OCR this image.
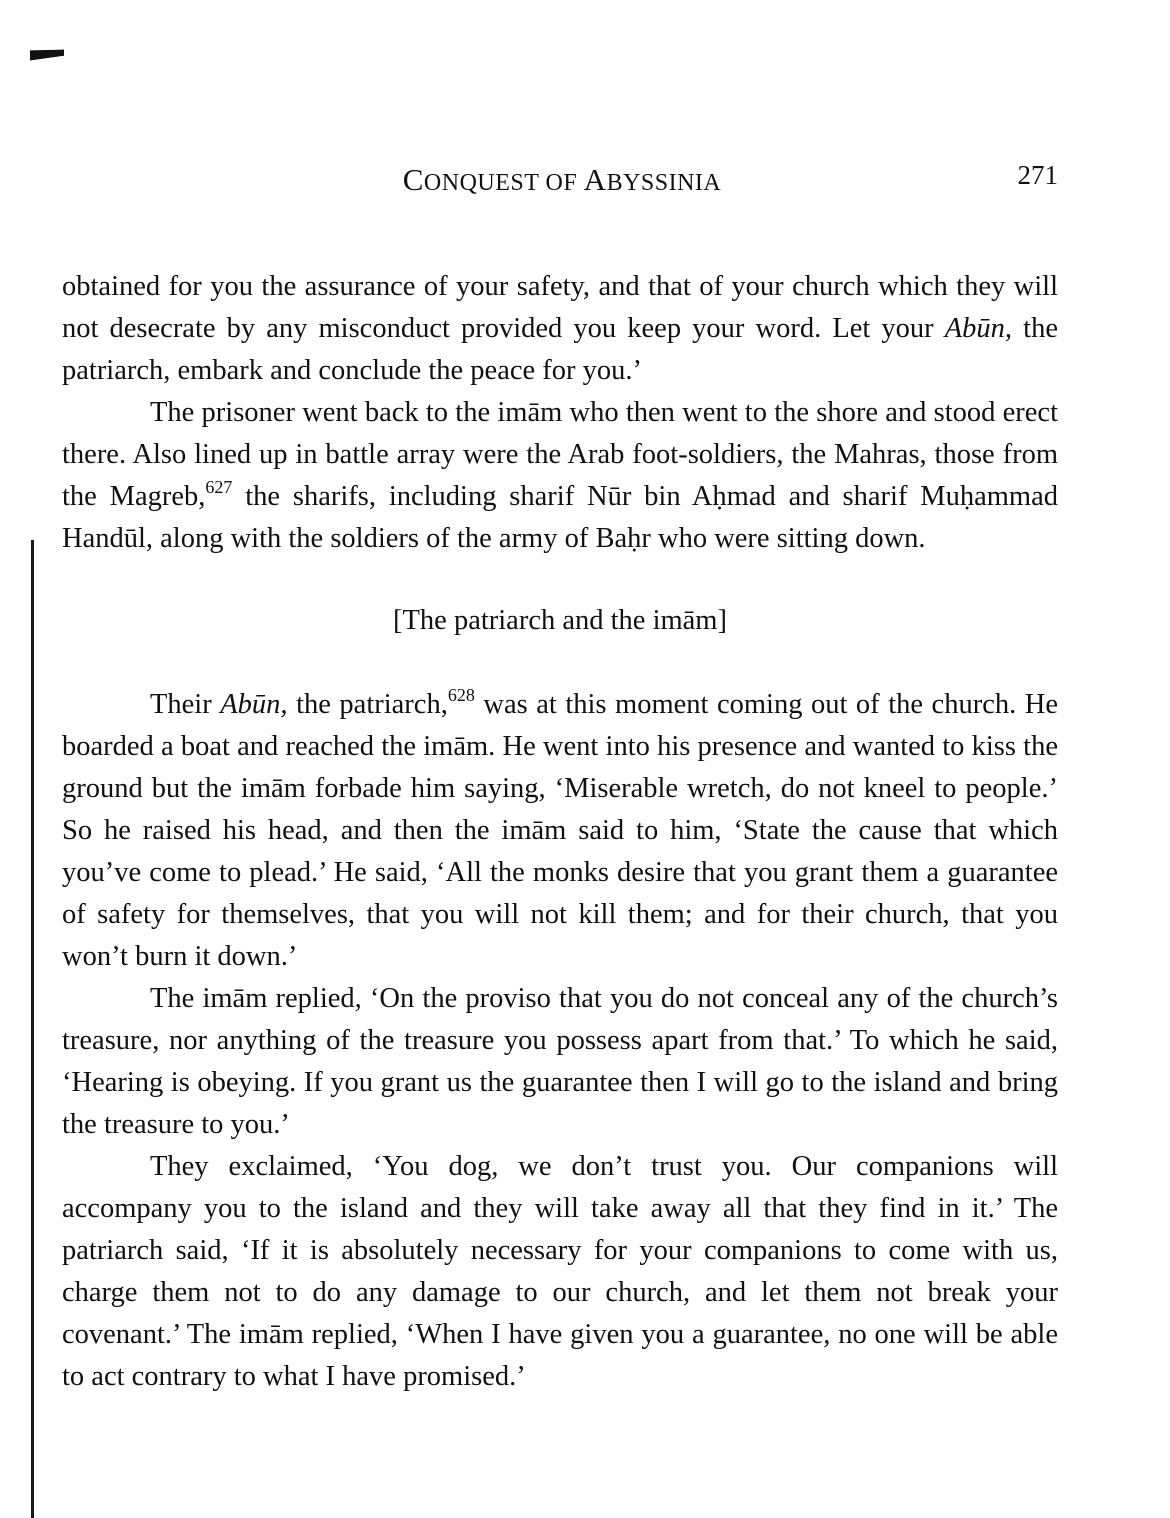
CONQUEST OF ABYSSINIA	271

obtained for you the assurance of your safety, and that of your church which they will not desecrate by any misconduct provided you keep your word. Let your Abūn, the patriarch, embark and conclude the peace for you.’

The prisoner went back to the imām who then went to the shore and stood erect there. Also lined up in battle array were the Arab foot-soldiers, the Mahras, those from the Magreb,$^{627}$ the sharifs, including sharif Nūr bin Aḥmad and sharif Muḥammad Handūl, along with the soldiers of the army of Baḥr who were sitting down.

[The patriarch and the imām]

Their Abūn, the patriarch,$^{628}$ was at this moment coming out of the church. He boarded a boat and reached the imām. He went into his presence and wanted to kiss the ground but the imām forbade him saying, ‘Miserable wretch, do not kneel to people.’ So he raised his head, and then the imām said to him, ‘State the cause that which you’ve come to plead.’ He said, ‘All the monks desire that you grant them a guarantee of safety for themselves, that you will not kill them; and for their church, that you won’t burn it down.’

The imām replied, ‘On the proviso that you do not conceal any of the church’s treasure, nor anything of the treasure you possess apart from that.’ To which he said, ‘Hearing is obeying. If you grant us the guarantee then I will go to the island and bring the treasure to you.’

They exclaimed, ‘You dog, we don’t trust you. Our companions will accompany you to the island and they will take away all that they find in it.’ The patriarch said, ‘If it is absolutely necessary for your companions to come with us, charge them not to do any damage to our church, and let them not break your covenant.’ The imām replied, ‘When I have given you a guarantee, no one will be able to act contrary to what I have promised.’
